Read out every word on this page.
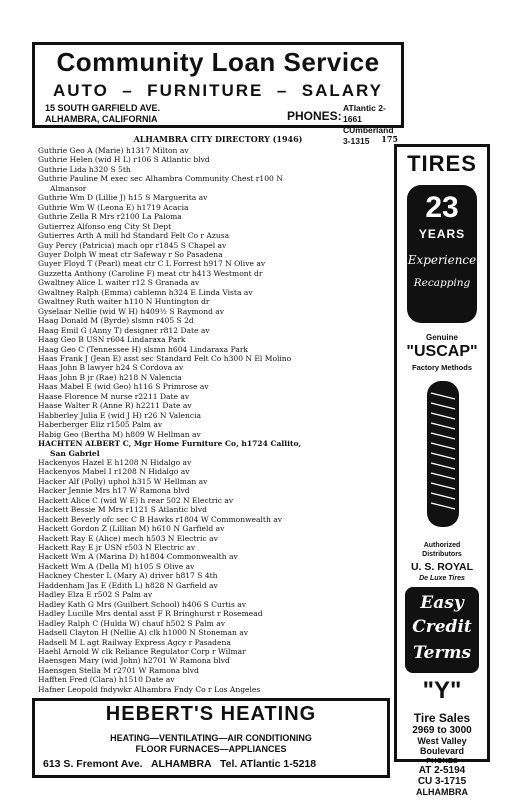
Community Loan Service
AUTO  –  FURNITURE  –  SALARY
15 SOUTH GARFIELD AVE.
ALHAMBRA, CALIFORNIA	PHONES:
ATlantic 2-1661
CUmberland 3-1315
ALHAMBRA CITY DIRECTORY (1946)	175
Guthrie Geo A (Marie) h1317 Milton av
Guthrie Helen (wid H L) r106 S Atlantic blvd
Guthrie Lida h320 S 5th
Guthrie Pauline M exec sec Alhambra Community Chest r100 N
Almansor
Guthrie Wm D (Lillie J) h15 S Marguerita av
Guthrie Wm W (Leona E) h1719 Acacia
Guthrie Zella R Mrs r2100 La Paloma
Gutierrez Alfonso eng City St Dept
Gutierres Arth A mill hd Standard Felt Co r Azusa
Guy Percy (Patricia) mach opr r1845 S Chapel av
Guyer Dolph W meat ctr Safeway r So Pasadena
Guyer Floyd T (Pearl) meat ctr C L Forrest h917 N Olive av
Guzzetta Anthony (Caroline F) meat ctr h413 Westmont dr
Gwaltney Alice L waiter r12 S Granada av
Gwaltney Ralph (Emma) cablemn h324 E Linda Vista av
Gwaltney Ruth waiter h110 N Huntington dr
Gyselaar Nellie (wid W H) h409½ S Raymond av
Haag Donald M (Byrde) slsmn r405 S 2d
Haag Emil G (Anny T) designer r812 Date av
Haag Geo B USN r604 Lindaraxa Park
Haag Geo C (Tennessee H) slsmn h604 Lindaraxa Park
Haas Frank J (Jean E) asst sec Standard Felt Co h300 N El Molino
Haas John B lawyer h24 S Cordova av
Haas John B jr (Rae) h218 N Valencia
Haas Mabel E (wid Geo) h116 S Primrose av
Haase Florence M nurse r2211 Date av
Haase Walter R (Anne R) h2211 Date av
Habberley Julia E (wid J H) r26 N Valencia
Haberberger Eliz r1505 Palm av
Habig Geo (Bertha M) h809 W Hellman av
HACHTEN ALBERT C, Mgr Home Furniture Co, h1724 Callito,
San Gabriel
Hackenyos Hazel E h1208 N Hidalgo av
Hackenyos Mabel I r1208 N Hidalgo av
Hacker Alf (Polly) uphol h315 W Hellman av
Hacker Jennie Mrs h17 W Ramona blvd
Hackett Alice C (wid W E) h rear 502 N Electric av
Hackett Bessie M Mrs r1121 S Atlantic blvd
Hackett Beverly ofc sec C B Hawks r1804 W Commonwealth av
Hackett Gordon Z (Lillian M) h610 N Garfield av
Hackett Ray E (Alice) mech h503 N Electric av
Hackett Ray E jr USN r503 N Electric av
Hackett Wm A (Marina D) h1804 Commonwealth av
Hackett Wm A (Della M) h105 S Olive av
Hackney Chester L (Mary A) driver h817 S 4th
Haddenham Jas E (Edith L) h828 N Garfield av
Hadley Elza E r502 S Palm av
Hadley Kath G Mrs (Guilbert School) h406 S Curtis av
Hadley Lucille Mrs dental asst F R Bringhurst r Rosemead
Hadley Ralph C (Hulda W) chauf h502 S Palm av
Hadsell Clayton H (Nellie A) clk h1000 N Stoneman av
Hadsell M L agt Railway Express Agcy r Pasadena
Haehl Arnold W clk Reliance Regulator Corp r Wilmar
Haensgen Mary (wid John) h2701 W Ramona blvd
Haensgen Stella M r2701 W Ramona blvd
Hafften Fred (Clara) h1510 Date av
Hafner Leopold fndywkr Alhambra Fndy Co r Los Angeles
TIRES
23
YEARS
Experience
Recapping
Genuine
"USCAP"
Factory Methods
Authorized
Distributors
U. S. ROYAL
De Luxe Tires
Easy
Credit
Terms
"Y"
Tire Sales
2969 to 3000
West Valley
Boulevard
PHONES
AT 2-5194
CU 3-1715
ALHAMBRA
HEBERT'S HEATING
HEATING—VENTILATING—AIR CONDITIONING
FLOOR FURNACES—APPLIANCES
613 S. Fremont Ave. ALHAMBRA Tel. ATlantic 1-5218
